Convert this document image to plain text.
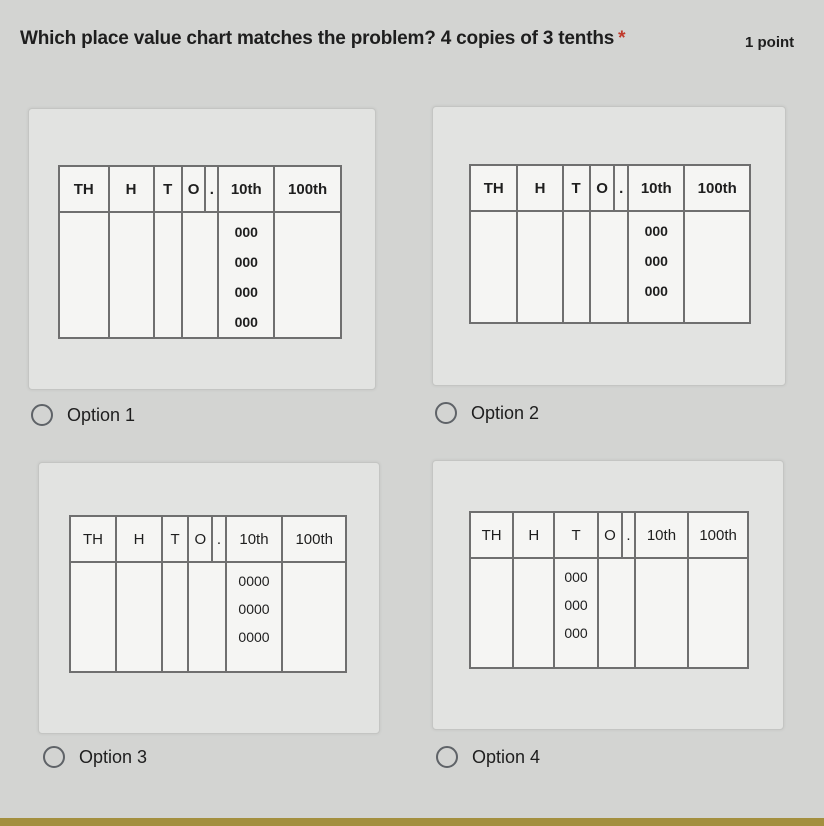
Which place value chart matches the problem? 4 copies of 3 tenths *	1 point
TH	H	T	O	.	10th	100th

					000
000
000
000	

Option 1
TH	H	T	O	.	10th	100th

					000
000
000	

Option 2
TH	H	T	O	.	10th	100th

					0000
0000
0000	

Option 3
TH	H	T	O	.	10th	100th

		000
000
000				

Option 4
